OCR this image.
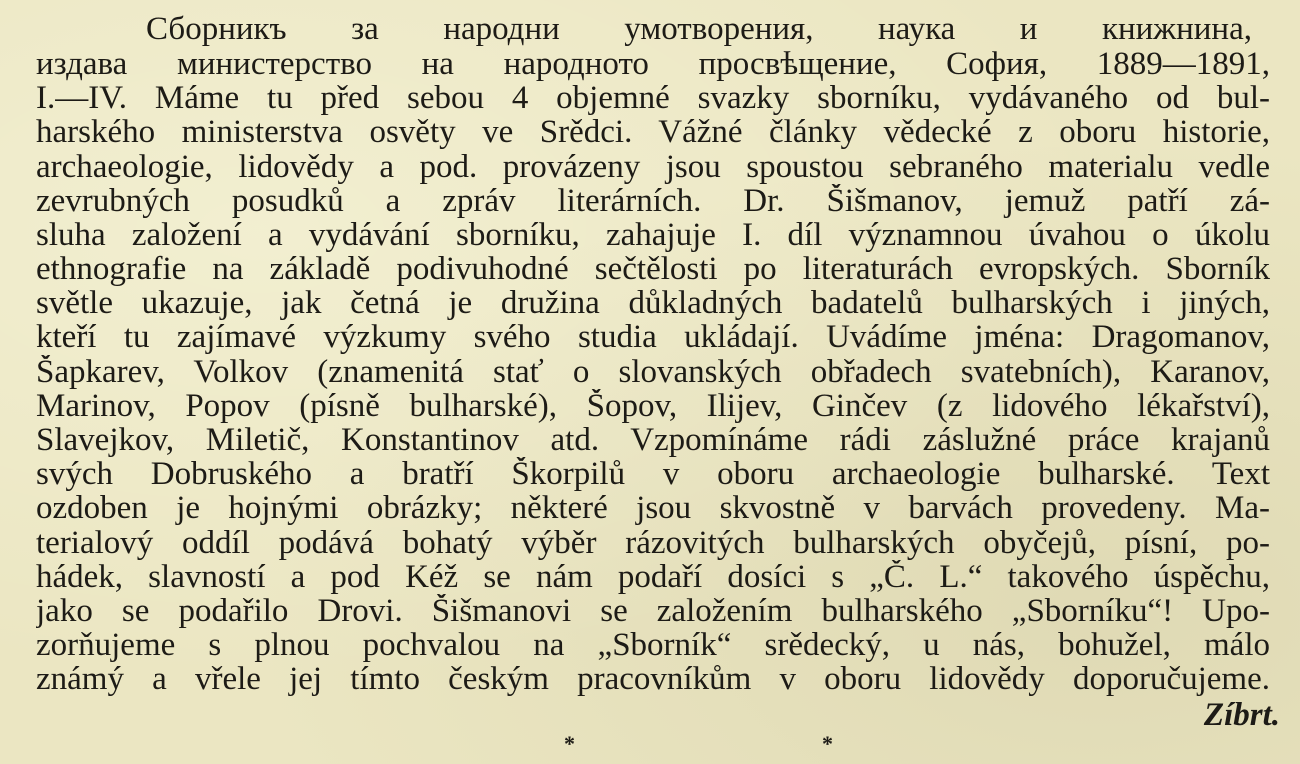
Сборникъ за народни умотворения, наука и книжнина,
издава министерство на народното просвѣщение, София, 1889—1891,
I.—IV. Máme tu před sebou 4 objemné svazky sborníku, vydávaného od bul-
harského ministerstva osvěty ve Srědci. Vážné články vědecké z oboru historie,
archaeologie, lidovědy a pod. provázeny jsou spoustou sebraného materialu vedle
zevrubných posudků a zpráv literárních. Dr. Šišmanov, jemuž patří zá-
sluha založení a vydávání sborníku, zahajuje I. díl významnou úvahou o úkolu
ethnografie na základě podivuhodné sečtělosti po literaturách evropských. Sborník
světle ukazuje, jak četná je družina důkladných badatelů bulharských i jiných,
kteří tu zajímavé výzkumy svého studia ukládají. Uvádíme jména: Dragomanov,
Šapkarev, Volkov (znamenitá stať o slovanských obřadech svatebních), Karanov,
Marinov, Popov (písně bulharské), Šopov, Ilijev, Ginčev (z lidového lékařství),
Slavejkov, Miletič, Konstantinov atd. Vzpomínáme rádi záslužné práce krajanů
svých Dobruského a bratří Škorpilů v oboru archaeologie bulharské. Text
ozdoben je hojnými obrázky; některé jsou skvostně v barvách provedeny. Ma-
terialový oddíl podává bohatý výběr rázovitých bulharských obyčejů, písní, po-
hádek, slavností a pod Kéž se nám podaří dosíci s „Č. L.“ takového úspěchu,
jako se podařilo Drovi. Šišmanovi se založením bulharského „Sborníku“! Upo-
zorňujeme s plnou pochvalou na „Sborník“ srědecký, u nás, bohužel, málo
známý a vřele jej tímto českým pracovníkům v oboru lidovědy doporučujeme.
Zíbrt.
*	*
